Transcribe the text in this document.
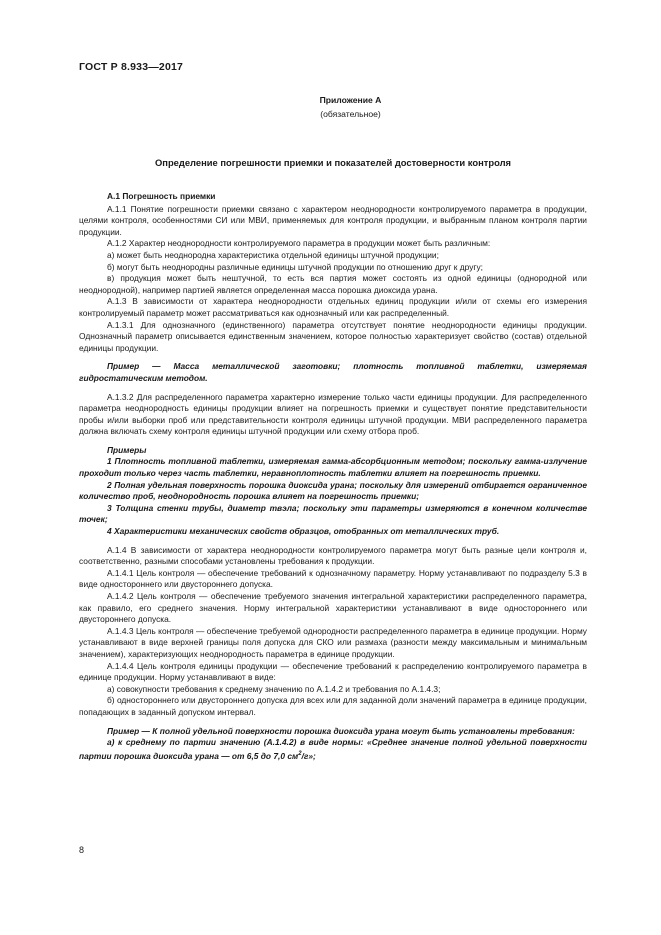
ГОСТ Р 8.933—2017
Приложение А
(обязательное)
Определение погрешности приемки и показателей достоверности контроля

А.1 Погрешность приемки

А.1.1 Понятие погрешности приемки связано с характером неоднородности контролируемого параметра в продукции, целями контроля, особенностями СИ или МВИ, применяемых для контроля продукции, и выбранным планом контроля партии продукции.

А.1.2 Характер неоднородности контролируемого параметра в продукции может быть различным:

а) может быть неоднородна характеристика отдельной единицы штучной продукции;

б) могут быть неоднородны различные единицы штучной продукции по отношению друг к другу;

в) продукция может быть нештучной, то есть вся партия может состоять из одной единицы (однородной или неоднородной), например партией является определенная масса порошка диоксида урана.

А.1.3 В зависимости от характера неоднородности отдельных единиц продукции и/или от схемы его измерения контролируемый параметр может рассматриваться как однозначный или как распределенный.

А.1.3.1 Для однозначного (единственного) параметра отсутствует понятие неоднородности единицы продукции. Однозначный параметр описывается единственным значением, которое полностью характеризует свойство (состав) отдельной единицы продукции.

Пример — Масса металлической заготовки; плотность топливной таблетки, измеряемая гидростатическим методом.

А.1.3.2 Для распределенного параметра характерно измерение только части единицы продукции. Для распределенного параметра неоднородность единицы продукции влияет на погрешность приемки и существует понятие представительности пробы и/или выборки проб или представительности контроля единицы штучной продукции. МВИ распределенного параметра должна включать схему контроля единицы штучной продукции или схему отбора проб.

Примеры

1 Плотность топливной таблетки, измеряемая гамма-абсорбционным методом; поскольку гамма-излучение проходит только через часть таблетки, неравноплотность таблетки влияет на погрешность приемки.

2 Полная удельная поверхность порошка диоксида урана; поскольку для измерений отбирается ограниченное количество проб, неоднородность порошка влияет на погрешность приемки;

3 Толщина стенки трубы, диаметр твэла; поскольку эти параметры измеряются в конечном количестве точек;

4 Характеристики механических свойств образцов, отобранных от металлических труб.

А.1.4 В зависимости от характера неоднородности контролируемого параметра могут быть разные цели контроля и, соответственно, разными способами установлены требования к продукции.

А.1.4.1 Цель контроля — обеспечение требований к однозначному параметру. Норму устанавливают по подразделу 5.3 в виде одностороннего или двустороннего допуска.

А.1.4.2 Цель контроля — обеспечение требуемого значения интегральной характеристики распределенного параметра, как правило, его среднего значения. Норму интегральной характеристики устанавливают в виде одностороннего или двустороннего допуска.

А.1.4.3 Цель контроля — обеспечение требуемой однородности распределенного параметра в единице продукции. Норму устанавливают в виде верхней границы поля допуска для СКО или размаха (разности между максимальным и минимальным значением), характеризующих неоднородность параметра в единице продукции.

А.1.4.4 Цель контроля единицы продукции — обеспечение требований к распределению контролируемого параметра в единице продукции. Норму устанавливают в виде:

а) совокупности требования к среднему значению по А.1.4.2 и требования по А.1.4.3;

б) одностороннего или двустороннего допуска для всех или для заданной доли значений параметра в единице продукции, попадающих в заданный допуском интервал.

Пример — К полной удельной поверхности порошка диоксида урана могут быть установлены требования:

а) к среднему по партии значению (А.1.4.2) в виде нормы: «Среднее значение полной удельной поверхности партии порошка диоксида урана — от 6,5 до 7,0 $см^2/г$»;

8
